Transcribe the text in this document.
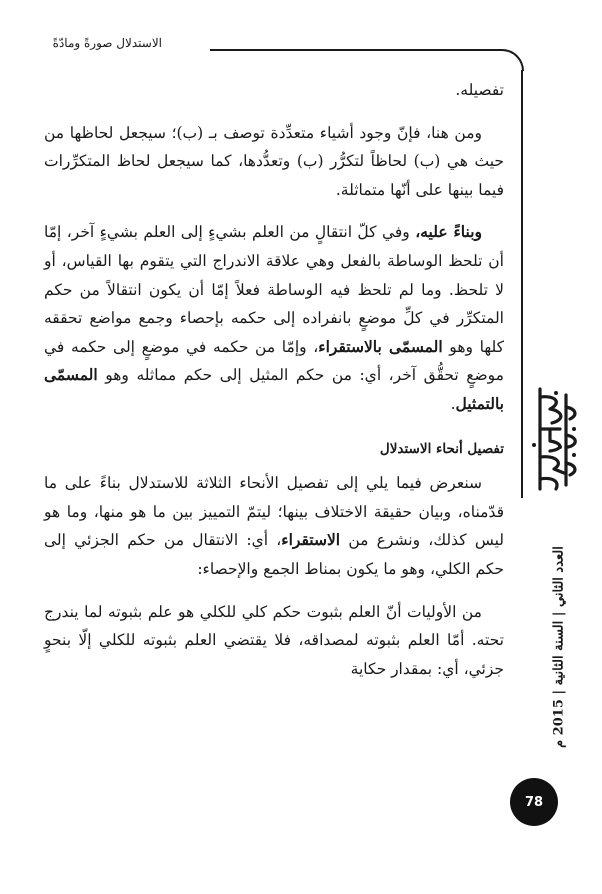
الاستدلال صورةً ومادّةً

تفصيله.

ومن هنا، فإنّ وجود أشياء متعدِّدة توصف بـ (ب)؛ سيجعل لحاظها من حيث هي (ب) لحاظاً لتكرُّر (ب) وتعدُّدها، كما سيجعل لحاظ المتكرِّرات فيما بينها على أنّها متماثلة.

وبناءً عليه، وفي كلّ انتقالٍ من العلم بشيءٍ إلى العلم بشيءٍ آخر، إمّا أن تلحظ الوساطة بالفعل وهي علاقة الاندراج التي يتقوم بها القياس، أو لا تلحظ. وما لم تلحظ فيه الوساطة فعلاً إمّا أن يكون انتقالاً من حكم المتكرِّر في كلِّ موضعٍ بانفراده إلى حكمه بإحصاء وجمع مواضع تحققه كلها وهو المسمّى بالاستقراء، وإمّا من حكمه في موضعٍ إلى حكمه في موضعٍ تحقُّق آخر، أي: من حكم المثيل إلى حكم مماثله وهو المسمّى بالتمثيل.

تفصيل أنحاء الاستدلال

سنعرض فيما يلي إلى تفصيل الأنحاء الثلاثة للاستدلال بناءً على ما قدّمناه، وبيان حقيقة الاختلاف بينها؛ ليتمّ التمييز بين ما هو منها، وما هو ليس كذلك، ونشرع من الاستقراء، أي: الانتقال من حكم الجزئي إلى حكم الكلي، وهو ما يكون بمناط الجمع والإحصاء:

من الأوليات أنّ العلم بثبوت حكم كلي للكلي هو علم بثبوته لما يندرج تحته. أمّا العلم بثبوته لمصداقه، فلا يقتضي العلم بثبوته للكلي إلّا بنحوٍ جزئي، أي: بمقدار حكاية

المحجّة العقلية
العدد الثاني | السنة الثانية | 2015 م
78
